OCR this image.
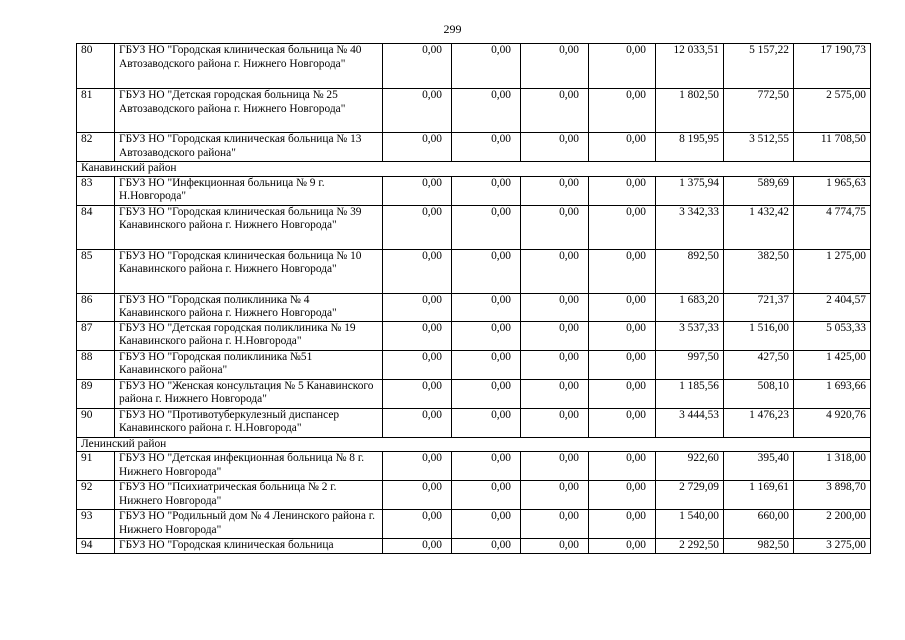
299
80	ГБУЗ НО "Городская клиническая больница № 40 Автозаводского района г. Нижнего Новгорода"	0,00	0,00	0,00	0,00	12 033,51	5 157,22	17 190,73
81	ГБУЗ НО "Детская городская больница № 25 Автозаводского района г. Нижнего Новгорода"	0,00	0,00	0,00	0,00	1 802,50	772,50	2 575,00
82	ГБУЗ НО "Городская клиническая больница № 13 Автозаводского района"	0,00	0,00	0,00	0,00	8 195,95	3 512,55	11 708,50
Канавинский район								
83	ГБУЗ НО "Инфекционная больница № 9 г. Н.Новгорода"	0,00	0,00	0,00	0,00	1 375,94	589,69	1 965,63
84	ГБУЗ НО "Городская клиническая больница № 39 Канавинского района г. Нижнего Новгорода"	0,00	0,00	0,00	0,00	3 342,33	1 432,42	4 774,75
85	ГБУЗ НО "Городская клиническая больница № 10 Канавинского района г. Нижнего Новгорода"	0,00	0,00	0,00	0,00	892,50	382,50	1 275,00
86	ГБУЗ НО "Городская поликлиника № 4 Канавинского района г. Нижнего Новгорода"	0,00	0,00	0,00	0,00	1 683,20	721,37	2 404,57
87	ГБУЗ НО "Детская городская поликлиника № 19 Канавинского района г. Н.Новгорода"	0,00	0,00	0,00	0,00	3 537,33	1 516,00	5 053,33
88	ГБУЗ НО "Городская поликлиника №51 Канавинского района"	0,00	0,00	0,00	0,00	997,50	427,50	1 425,00
89	ГБУЗ НО "Женская консультация № 5 Канавинского района г. Нижнего Новгорода"	0,00	0,00	0,00	0,00	1 185,56	508,10	1 693,66
90	ГБУЗ НО "Противотуберкулезный диспансер Канавинского района г. Н.Новгорода"	0,00	0,00	0,00	0,00	3 444,53	1 476,23	4 920,76
Ленинский район								
91	ГБУЗ НО "Детская инфекционная больница № 8 г. Нижнего Новгорода"	0,00	0,00	0,00	0,00	922,60	395,40	1 318,00
92	ГБУЗ НО "Психиатрическая больница № 2 г. Нижнего Новгорода"	0,00	0,00	0,00	0,00	2 729,09	1 169,61	3 898,70
93	ГБУЗ НО "Родильный дом № 4 Ленинского района г. Нижнего Новгорода"	0,00	0,00	0,00	0,00	1 540,00	660,00	2 200,00
94	ГБУЗ НО "Городская клиническая больница	0,00	0,00	0,00	0,00	2 292,50	982,50	3 275,00
